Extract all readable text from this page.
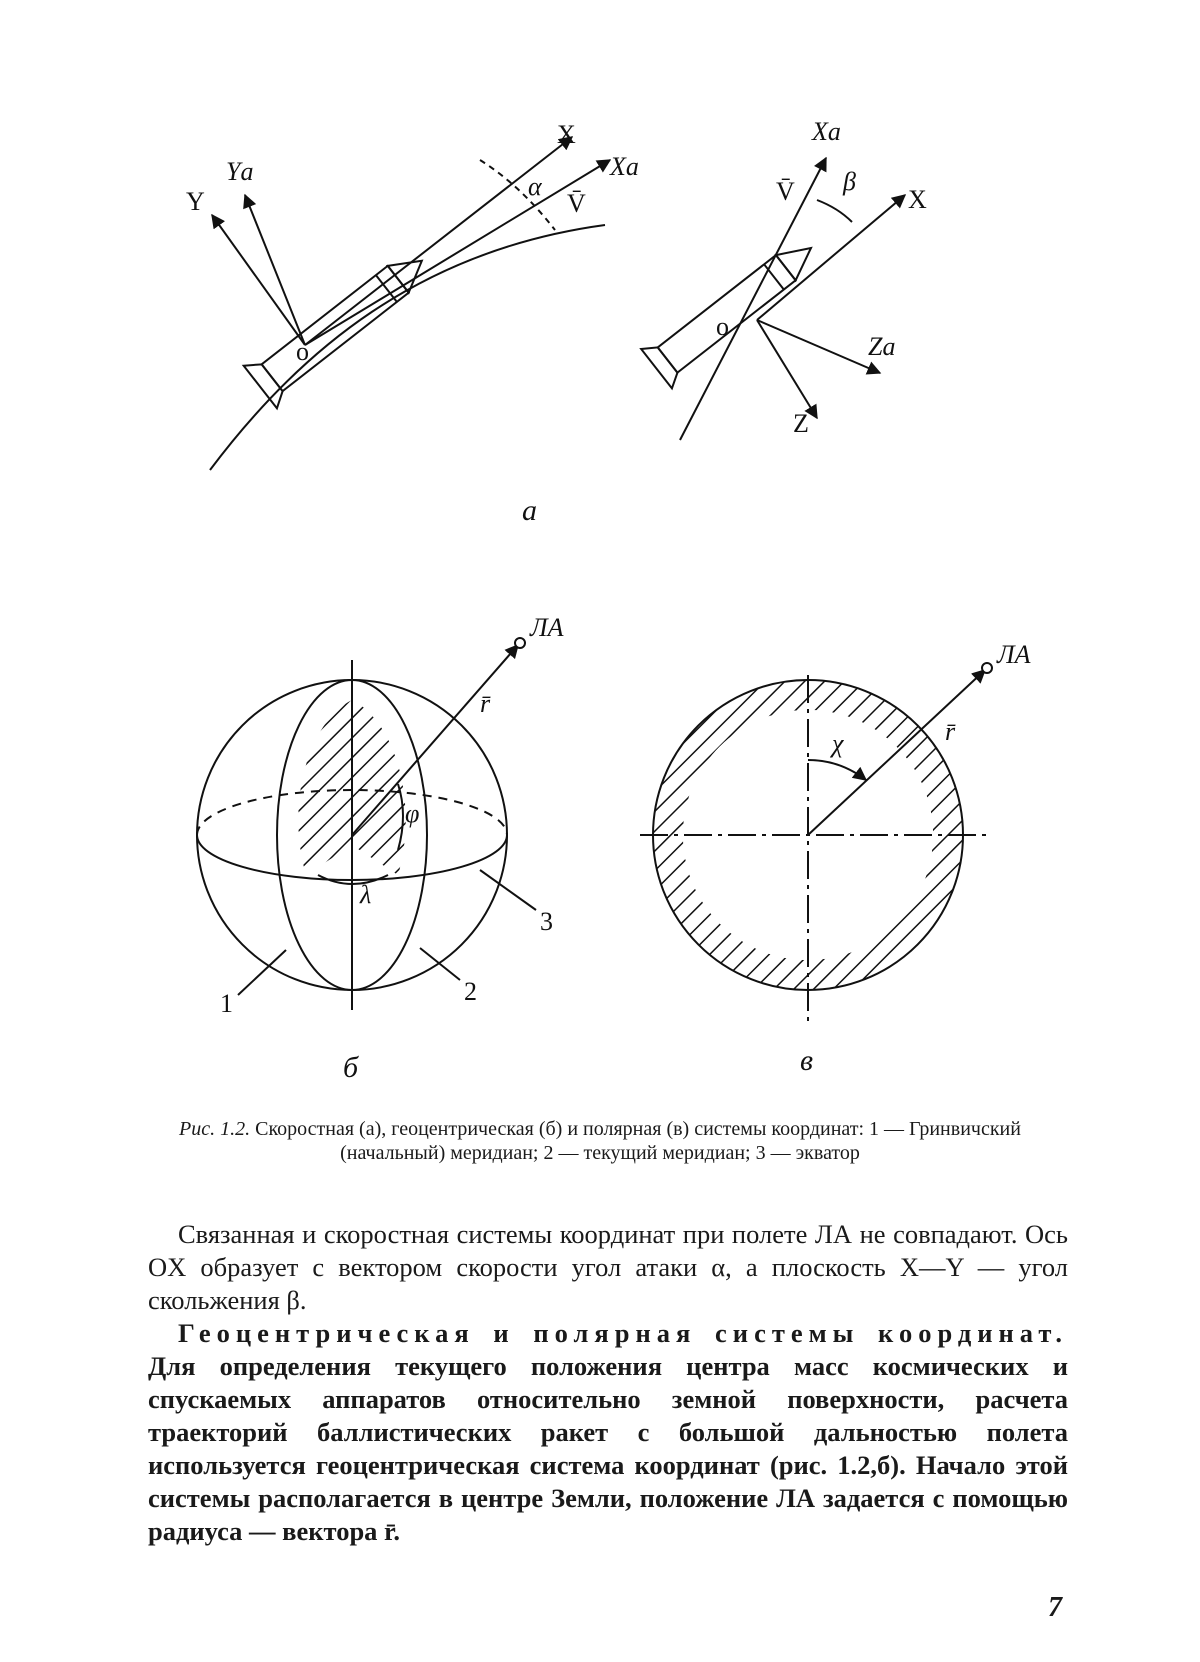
Y
Yа
X
Xа
V̄
α
о
Xа
V̄ β
X
о
Zа
Z
а
ЛА
r̄
φ
λ
1	2
3
б
ЛА
r̄
χ
в
Рис. 1.2. Скоростная (а), геоцентрическая (б) и полярная (в) системы координат: 1 — Гринвичский (начальный) меридиан; 2 — текущий меридиан; 3 — экватор

Связанная и скоростная системы координат при полете ЛА не совпадают. Ось OX образует с вектором скорости угол атаки α, а плоскость X—Y — угол скольжения β.

Геоцентрическая и полярная системы координат. Для определения текущего положения центра масс космических и спускаемых аппаратов относительно земной поверхности, расчета траекторий баллистических ракет с большой дальностью полета используется геоцентрическая система координат (рис. 1.2,б). Начало этой системы располагается в центре Земли, положение ЛА задается с помощью радиуса — вектора r̄.

7
